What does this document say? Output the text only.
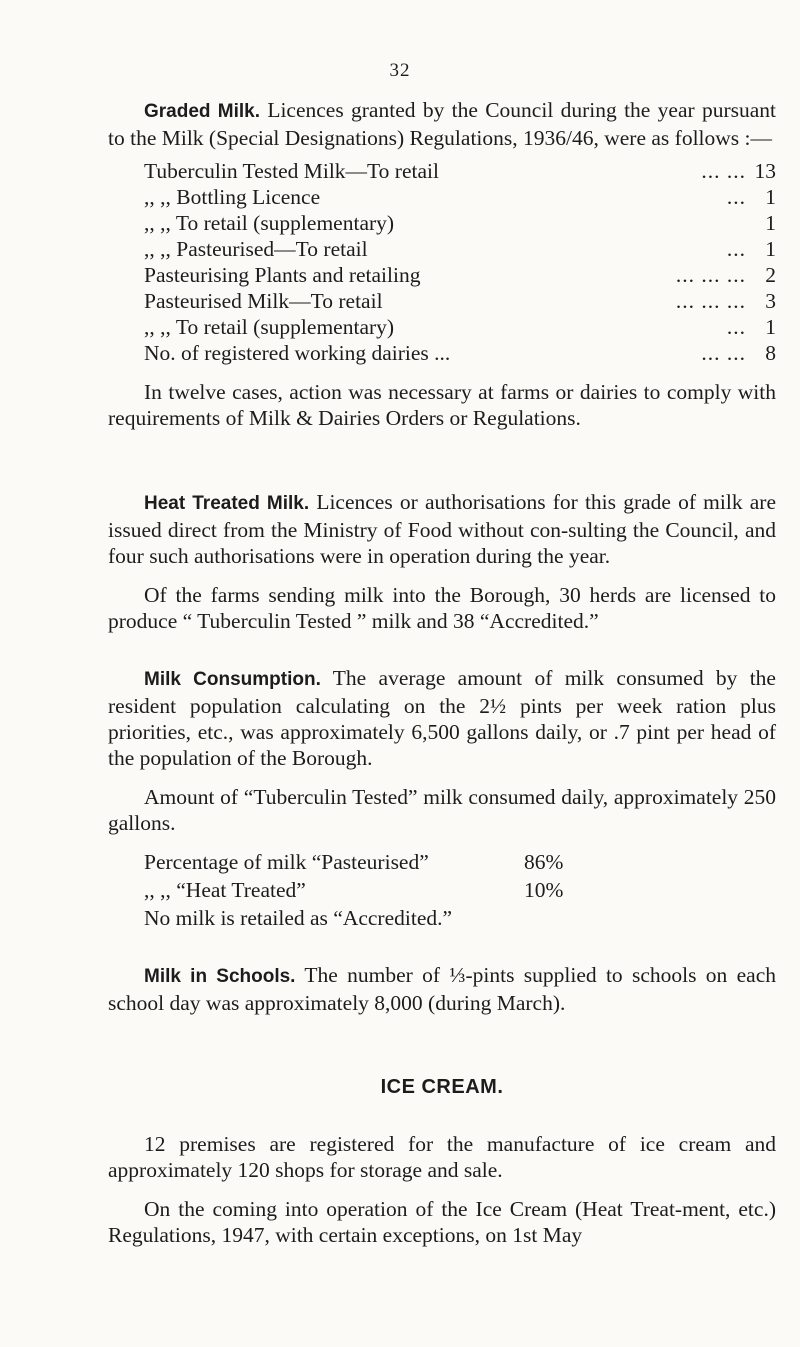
32

Graded Milk. Licences granted by the Council during the year pursuant to the Milk (Special Designations) Regulations, 1936/46, were as follows :—

Tuberculin Tested Milk—To retail	... ... 13
,, ,, Bottling Licence	... 1
,, ,, To retail (supplementary)	1
,, ,, Pasteurised—To retail	... 1
Pasteurising Plants and retailing	... ... ... 2
Pasteurised Milk—To retail	... ... ... 3
,, ,, To retail (supplementary)	... 1
No. of registered working dairies ...	... ... 8

In twelve cases, action was necessary at farms or dairies to comply with requirements of Milk & Dairies Orders or Regulations.

Heat Treated Milk. Licences or authorisations for this grade of milk are issued direct from the Ministry of Food without con-sulting the Council, and four such authorisations were in operation during the year.

Of the farms sending milk into the Borough, 30 herds are licensed to produce “ Tuberculin Tested ” milk and 38 “Accredited.”

Milk Consumption. The average amount of milk consumed by the resident population calculating on the 2½ pints per week ration plus priorities, etc., was approximately 6,500 gallons daily, or .7 pint per head of the population of the Borough.

Amount of “Tuberculin Tested” milk consumed daily, approximately 250 gallons.

Percentage of milk “Pasteurised”	86%
,, ,, “Heat Treated”	10%

No milk is retailed as “Accredited.”

Milk in Schools. The number of ⅓-pints supplied to schools on each school day was approximately 8,000 (during March).

ICE CREAM.

12 premises are registered for the manufacture of ice cream and approximately 120 shops for storage and sale.

On the coming into operation of the Ice Cream (Heat Treat-ment, etc.) Regulations, 1947, with certain exceptions, on 1st May
